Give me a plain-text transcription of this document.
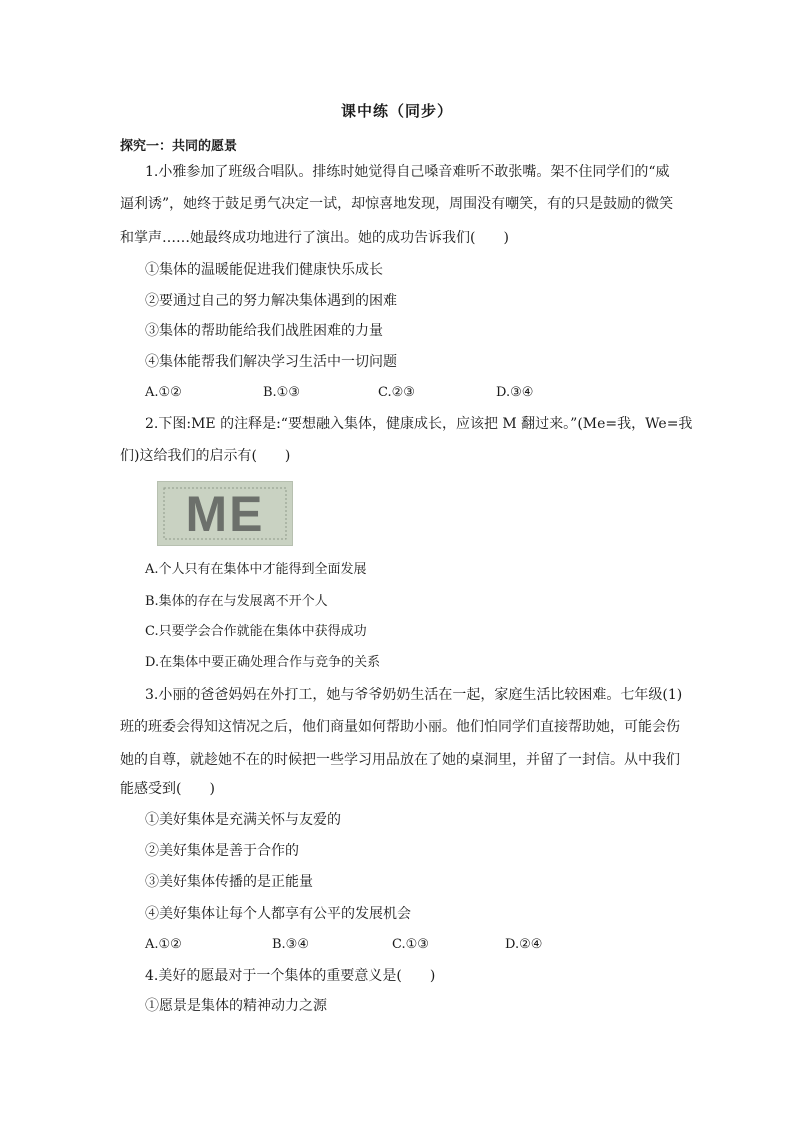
课中练（同步）
探究一：共同的愿景
1.小雅参加了班级合唱队。排练时她觉得自己嗓音难听不敢张嘴。架不住同学们的“威
逼利诱”，她终于鼓足勇气决定一试，却惊喜地发现，周围没有嘲笑，有的只是鼓励的微笑
和掌声……她最终成功地进行了演出。她的成功告诉我们(　　)
①集体的温暖能促进我们健康快乐成长
②要通过自己的努力解决集体遇到的困难
③集体的帮助能给我们战胜困难的力量
④集体能帮我们解决学习生活中一切问题
A.①②	B.①③	C.②③	D.③④
2.下图:ME 的注释是:“要想融入集体，健康成长，应该把 M 翻过来。”(Me=我，We=我
们)这给我们的启示有(　　)
ME
A.个人只有在集体中才能得到全面发展
B.集体的存在与发展离不开个人
C.只要学会合作就能在集体中获得成功
D.在集体中要正确处理合作与竞争的关系
3.小丽的爸爸妈妈在外打工，她与爷爷奶奶生活在一起，家庭生活比较困难。七年级(1)
班的班委会得知这情况之后，他们商量如何帮助小丽。他们怕同学们直接帮助她，可能会伤
她的自尊，就趁她不在的时候把一些学习用品放在了她的桌洞里，并留了一封信。从中我们
能感受到(　　)
①美好集体是充满关怀与友爱的
②美好集体是善于合作的
③美好集体传播的是正能量
④美好集体让每个人都享有公平的发展机会
A.①②	B.③④	C.①③	D.②④
4.美好的愿最对于一个集体的重要意义是(　　)
①愿景是集体的精神动力之源
